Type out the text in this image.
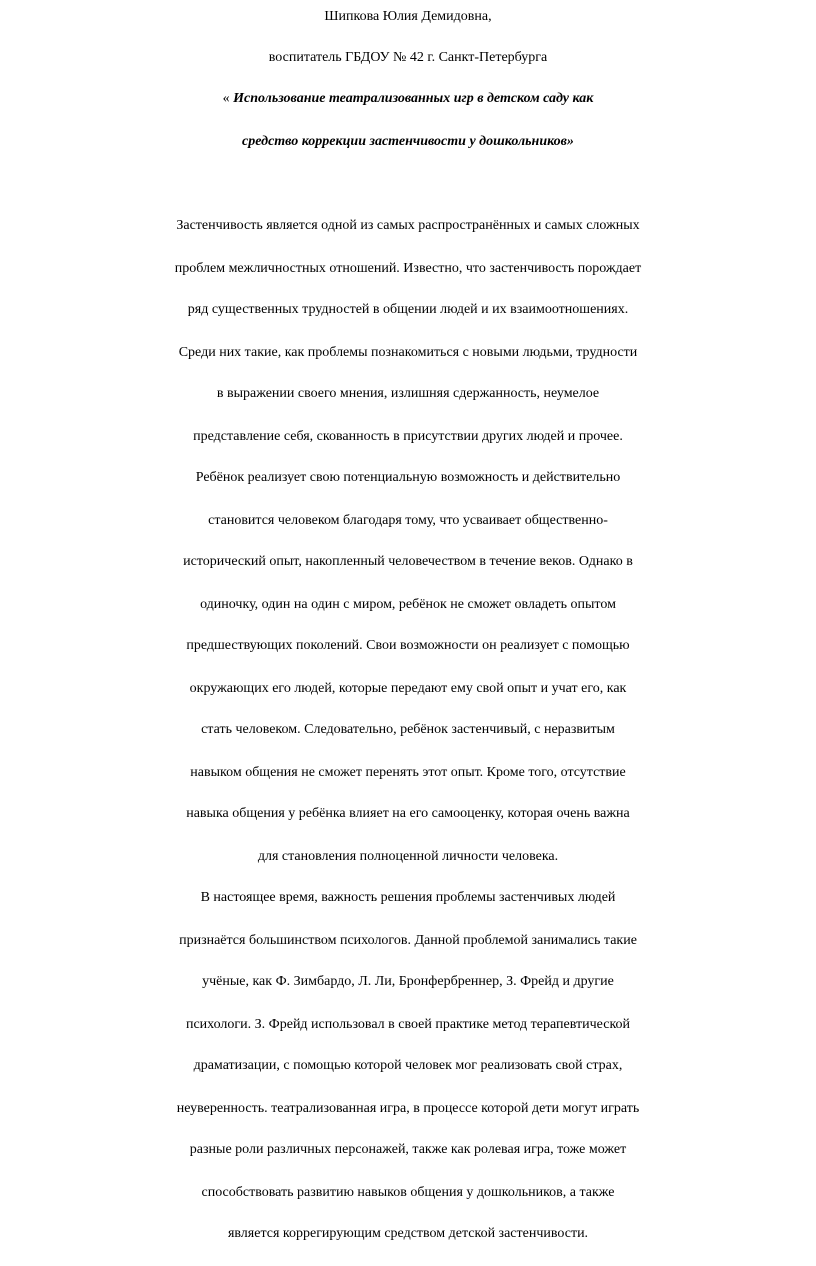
Шипкова Юлия Демидовна,
воспитатель ГБДОУ № 42 г. Санкт-Петербурга
« Использование театрализованных игр в детском саду как
средство коррекции застенчивости у дошкольников»
Застенчивость является одной из самых распространённых и самых сложных
проблем межличностных отношений. Известно, что застенчивость порождает
ряд существенных трудностей в общении людей и их взаимоотношениях.
Среди них такие, как проблемы познакомиться с новыми людьми, трудности
в выражении своего мнения, излишняя сдержанность, неумелое
представление себя, скованность в присутствии других людей и прочее.
Ребёнок реализует свою потенциальную возможность и действительно
становится человеком благодаря тому, что усваивает общественно-
исторический опыт, накопленный человечеством в течение веков. Однако в
одиночку, один на один с миром, ребёнок не сможет овладеть опытом
предшествующих поколений. Свои возможности он реализует с помощью
окружающих его людей, которые передают ему свой опыт и учат его, как
стать человеком. Следовательно, ребёнок застенчивый, с неразвитым
навыком общения не сможет перенять этот опыт. Кроме того, отсутствие
навыка общения у ребёнка влияет на его самооценку, которая очень важна
для становления полноценной личности человека.
В настоящее время, важность решения проблемы застенчивых людей
признаётся большинством психологов. Данной проблемой занимались такие
учёные, как Ф. Зимбардо, Л. Ли, Бронфербреннер, З. Фрейд и другие
психологи. З. Фрейд использовал в своей практике метод терапевтической
драматизации, с помощью которой человек мог реализовать свой страх,
неуверенность. театрализованная игра, в процессе которой дети могут играть
разные роли различных персонажей, также как ролевая игра, тоже может
способствовать развитию навыков общения у дошкольников, а также
является коррегирующим средством детской застенчивости.
